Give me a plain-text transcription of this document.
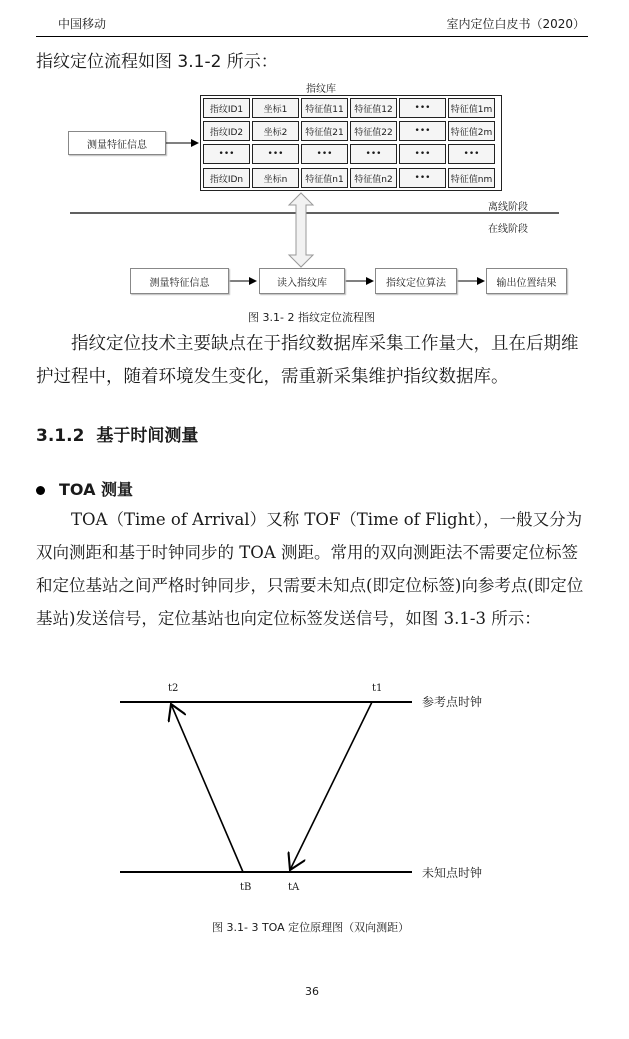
中国移动	室内定位白皮书（2020）
指纹定位流程如图 3.1-2 所示：
指纹库
指纹ID1	坐标1	特征值11	特征值12	•••	特征值1m
指纹ID2	坐标2	特征值21	特征值22	•••	特征值2m
•••	•••	•••	•••	•••	•••
指纹IDn	坐标n	特征值n1	特征值n2	•••	特征值nm
测量特征信息
离线阶段
在线阶段
测量特征信息	读入指纹库	指纹定位算法	输出位置结果
图 3.1- 2 指纹定位流程图
指纹定位技术主要缺点在于指纹数据库采集工作量大，且在后期维护过程中，随着环境发生变化，需重新采集维护指纹数据库。
3.1.2 基于时间测量
TOA 测量
TOA（Time of Arrival）又称 TOF（Time of Flight），一般又分为双向测距和基于时钟同步的 TOA 测距。常用的双向测距法不需要定位标签和定位基站之间严格时钟同步，只需要未知点(即定位标签)向参考点(即定位基站)发送信号，定位基站也向定位标签发送信号，如图 3.1-3 所示：
t2	t1
tB	tA
参考点时钟
未知点时钟
图 3.1- 3 TOA 定位原理图（双向测距）
36
